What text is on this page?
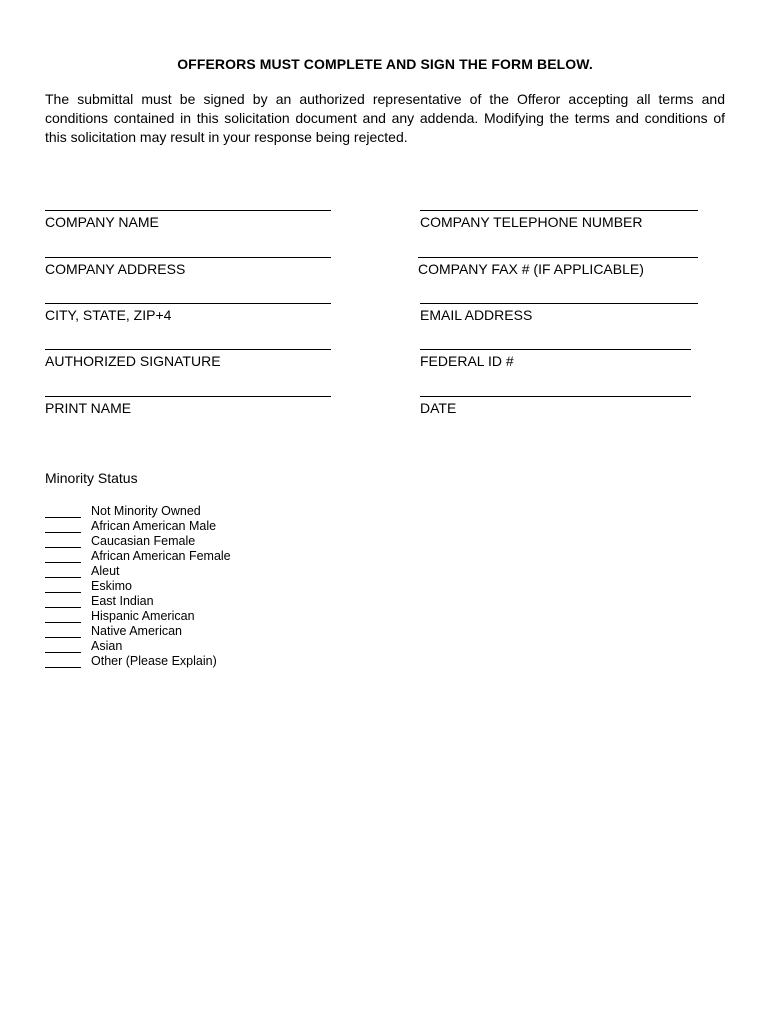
OFFERORS MUST COMPLETE AND SIGN THE FORM BELOW.
The submittal must be signed by an authorized representative of the Offeror accepting all terms and conditions contained in this solicitation document and any addenda. Modifying the terms and conditions of this solicitation may result in your response being rejected.
COMPANY NAME
COMPANY ADDRESS
CITY, STATE, ZIP+4
AUTHORIZED SIGNATURE
PRINT NAME
COMPANY TELEPHONE NUMBER
COMPANY FAX # (IF APPLICABLE)
EMAIL ADDRESS
FEDERAL ID #
DATE
Minority Status
Not Minority Owned
African American Male
Caucasian Female
African American Female
Aleut
Eskimo
East Indian
Hispanic American
Native American
Asian
Other (Please Explain)
